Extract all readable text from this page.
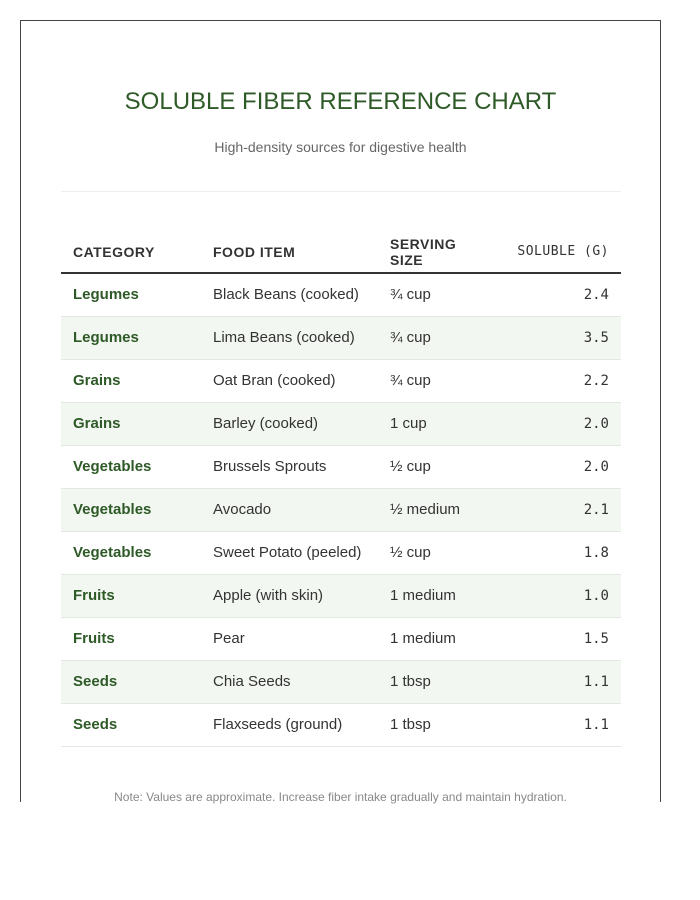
SOLUBLE FIBER REFERENCE CHART
High-density sources for digestive health
CATEGORY	FOOD ITEM	SERVING SIZE	SOLUBLE (G)
Legumes	Black Beans (cooked)	¾ cup	2.4
Legumes	Lima Beans (cooked)	¾ cup	3.5
Grains	Oat Bran (cooked)	¾ cup	2.2
Grains	Barley (cooked)	1 cup	2.0
Vegetables	Brussels Sprouts	½ cup	2.0
Vegetables	Avocado	½ medium	2.1
Vegetables	Sweet Potato (peeled)	½ cup	1.8
Fruits	Apple (with skin)	1 medium	1.0
Fruits	Pear	1 medium	1.5
Seeds	Chia Seeds	1 tbsp	1.1
Seeds	Flaxseeds (ground)	1 tbsp	1.1
Note: Values are approximate. Increase fiber intake gradually and maintain hydration.
